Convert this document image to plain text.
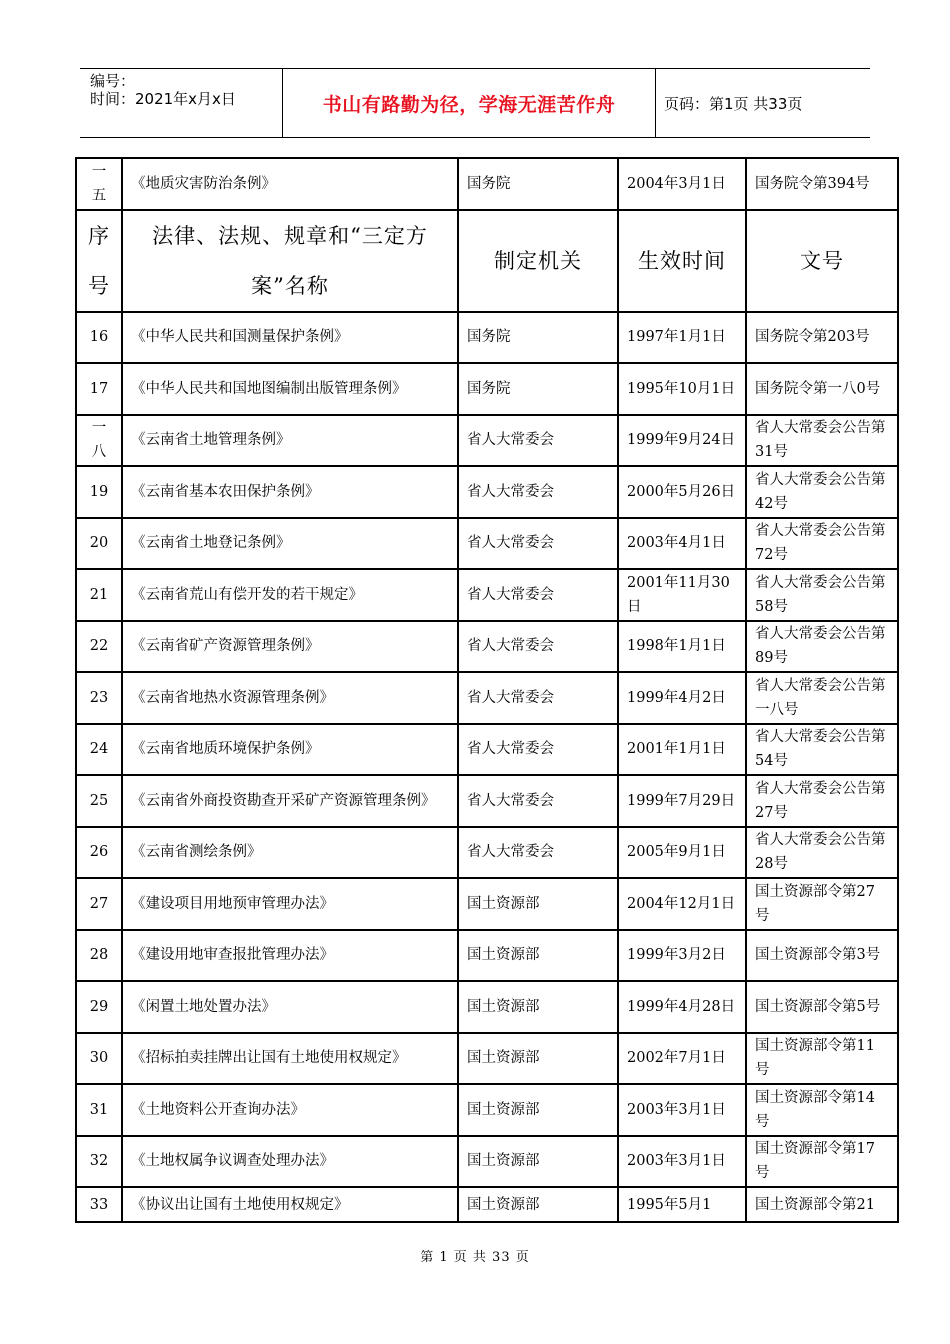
编号：
时间：2021年x月x日	书山有路勤为径，学海无涯苦作舟	页码：第1页 共33页
一
五	《地质灾害防治条例》	国务院	2004年3月1日	国务院令第394号
序号	法律、法规、规章和“三定方案”名称	制定机关	生效时间	文号
16	《中华人民共和国测量保护条例》	国务院	1997年1月1日	国务院令第203号
17	《中华人民共和国地图编制出版管理条例》	国务院	1995年10月1日	国务院令第一八0号

一
八	《云南省土地管理条例》	省人大常委会	1999年9月24日	省人大常委会公告第31号
19	《云南省基本农田保护条例》	省人大常委会	2000年5月26日	省人大常委会公告第42号
20	《云南省土地登记条例》	省人大常委会	2003年4月1日	省人大常委会公告第72号
21	《云南省荒山有偿开发的若干规定》	省人大常委会	2001年11月30日	省人大常委会公告第58号
22	《云南省矿产资源管理条例》	省人大常委会	1998年1月1日	省人大常委会公告第89号
23	《云南省地热水资源管理条例》	省人大常委会	1999年4月2日	省人大常委会公告第一八号
24	《云南省地质环境保护条例》	省人大常委会	2001年1月1日	省人大常委会公告第54号
25	《云南省外商投资勘查开采矿产资源管理条例》	省人大常委会	1999年7月29日	省人大常委会公告第27号
26	《云南省测绘条例》	省人大常委会	2005年9月1日	省人大常委会公告第28号
27	《建设项目用地预审管理办法》	国土资源部	2004年12月1日	国土资源部令第27号
28	《建设用地审查报批管理办法》	国土资源部	1999年3月2日	国土资源部令第3号
29	《闲置土地处置办法》	国土资源部	1999年4月28日	国土资源部令第5号
30	《招标拍卖挂牌出让国有土地使用权规定》	国土资源部	2002年7月1日	国土资源部令第11号
31	《土地资料公开查询办法》	国土资源部	2003年3月1日	国土资源部令第14号
32	《土地权属争议调查处理办法》	国土资源部	2003年3月1日	国土资源部令第17号
33	《协议出让国有土地使用权规定》	国土资源部	1995年5月1	国土资源部令第21
第 1 页 共 33 页
